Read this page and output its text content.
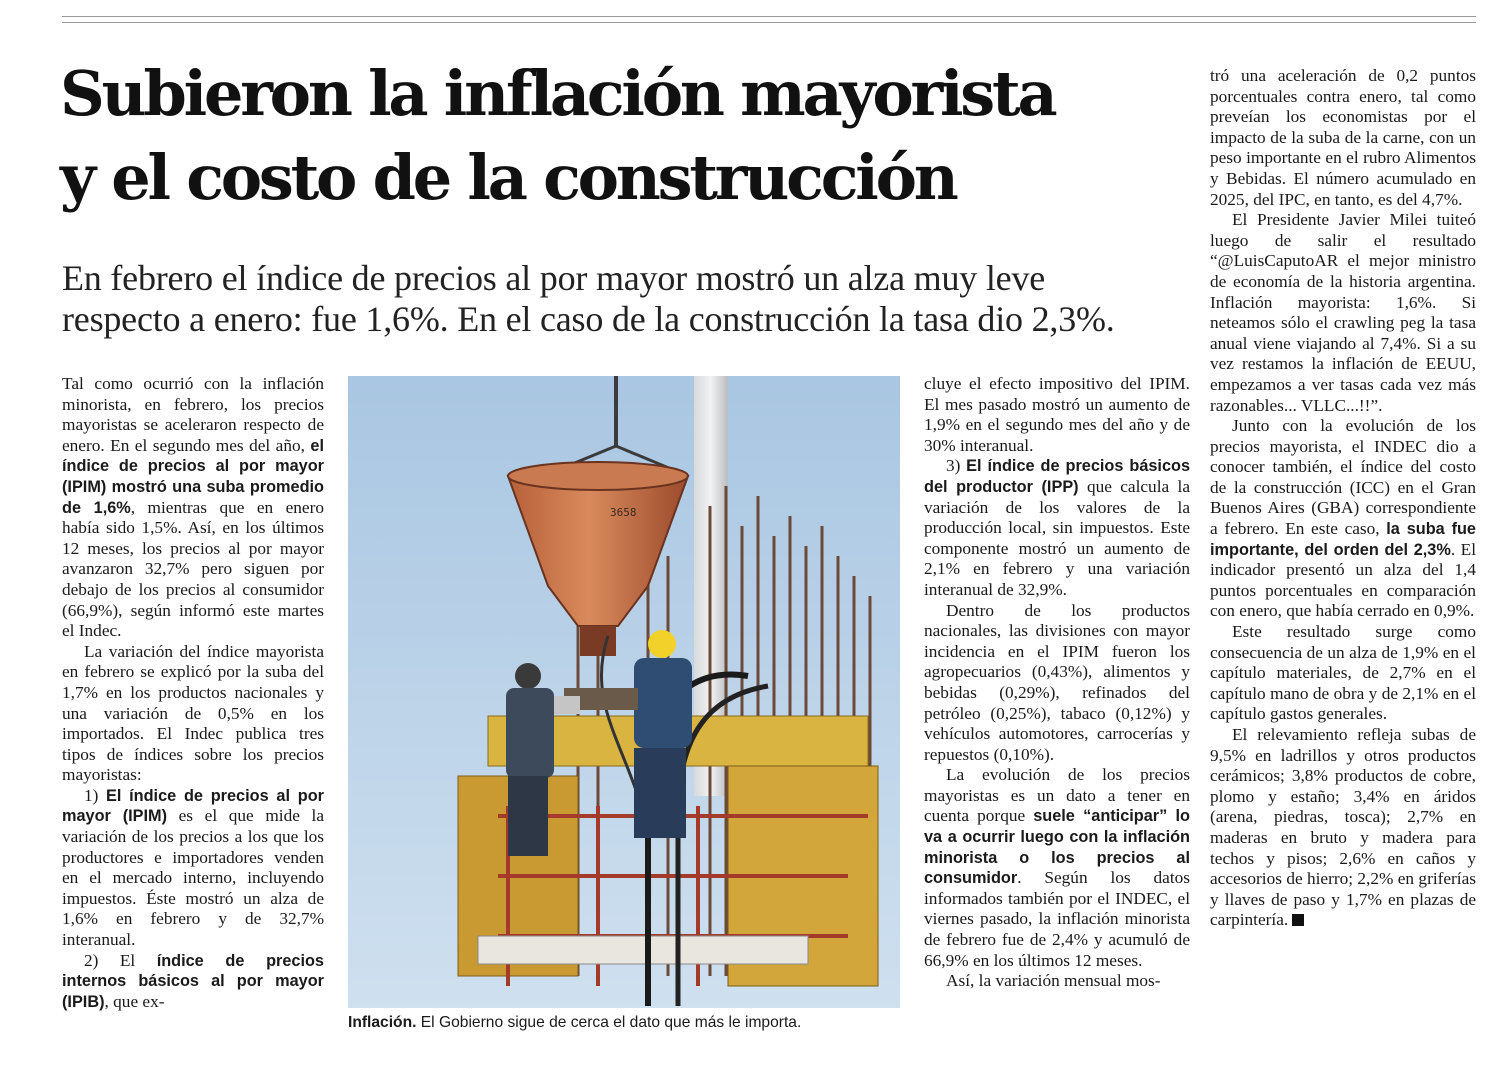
Subieron la inflación mayorista
y el costo de la construcción
En febrero el índice de precios al por mayor mostró un alza muy leve
respecto a enero: fue 1,6%. En el caso de la construcción la tasa dio 2,3%.

Tal como ocurrió con la inflación minorista, en febrero, los precios mayoristas se aceleraron respecto de enero. En el segundo mes del año, el índice de precios al por mayor (IPIM) mostró una suba promedio de 1,6%, mientras que en enero había sido 1,5%. Así, en los últimos 12 meses, los precios al por mayor avanzaron 32,7% pero siguen por debajo de los precios al consumidor (66,9%), según informó este martes el Indec.

La variación del índice mayorista en febrero se explicó por la suba del 1,7% en los productos nacionales y una variación de 0,5% en los importados. El Indec publica tres tipos de índices sobre los precios mayoristas:

1) El índice de precios al por mayor (IPIM) es el que mide la variación de los precios a los que los productores e importadores venden en el mercado interno, incluyendo impuestos. Éste mostró un alza de 1,6% en febrero y de 32,7% interanual.

2) El índice de precios internos básicos al por mayor (IPIB), que ex-

3658
Inflación. El Gobierno sigue de cerca el dato que más le importa.

cluye el efecto impositivo del IPIM. El mes pasado mostró un aumento de 1,9% en el segundo mes del año y de 30% interanual.

3) El índice de precios básicos del productor (IPP) que calcula la variación de los valores de la producción local, sin impuestos. Este componente mostró un aumento de 2,1% en febrero y una variación interanual de 32,9%.

Dentro de los productos nacionales, las divisiones con mayor incidencia en el IPIM fueron los agropecuarios (0,43%), alimentos y bebidas (0,29%), refinados del petróleo (0,25%), tabaco (0,12%) y vehículos automotores, carrocerías y repuestos (0,10%).

La evolución de los precios mayoristas es un dato a tener en cuenta porque suele “anticipar” lo va a ocurrir luego con la inflación minorista o los precios al consumidor. Según los datos informados también por el INDEC, el viernes pasado, la inflación minorista de febrero fue de 2,4% y acumuló de 66,9% en los últimos 12 meses.

Así, la variación mensual mos-

tró una aceleración de 0,2 puntos porcentuales contra enero, tal como preveían los economistas por el impacto de la suba de la carne, con un peso importante en el rubro Alimentos y Bebidas. El número acumulado en 2025, del IPC, en tanto, es del 4,7%.

El Presidente Javier Milei tuiteó luego de salir el resultado “@LuisCaputoAR el mejor ministro de economía de la historia argentina. Inflación mayorista: 1,6%. Si neteamos sólo el crawling peg la tasa anual viene viajando al 7,4%. Si a su vez restamos la inflación de EEUU, empezamos a ver tasas cada vez más razonables... VLLC...!!”.

Junto con la evolución de los precios mayorista, el INDEC dio a conocer también, el índice del costo de la construcción (ICC) en el Gran Buenos Aires (GBA) correspondiente a febrero. En este caso, la suba fue importante, del orden del 2,3%. El indicador presentó un alza del 1,4 puntos porcentuales en comparación con enero, que había cerrado en 0,9%.

Este resultado surge como consecuencia de un alza de 1,9% en el capítulo materiales, de 2,7% en el capítulo mano de obra y de 2,1% en el capítulo gastos generales.

El relevamiento refleja subas de 9,5% en ladrillos y otros productos cerámicos; 3,8% productos de cobre, plomo y estaño; 3,4% en áridos (arena, piedras, tosca); 2,7% en maderas en bruto y madera para techos y pisos; 2,6% en caños y accesorios de hierro; 2,2% en griferías y llaves de paso y 1,7% en plazas de carpintería.
